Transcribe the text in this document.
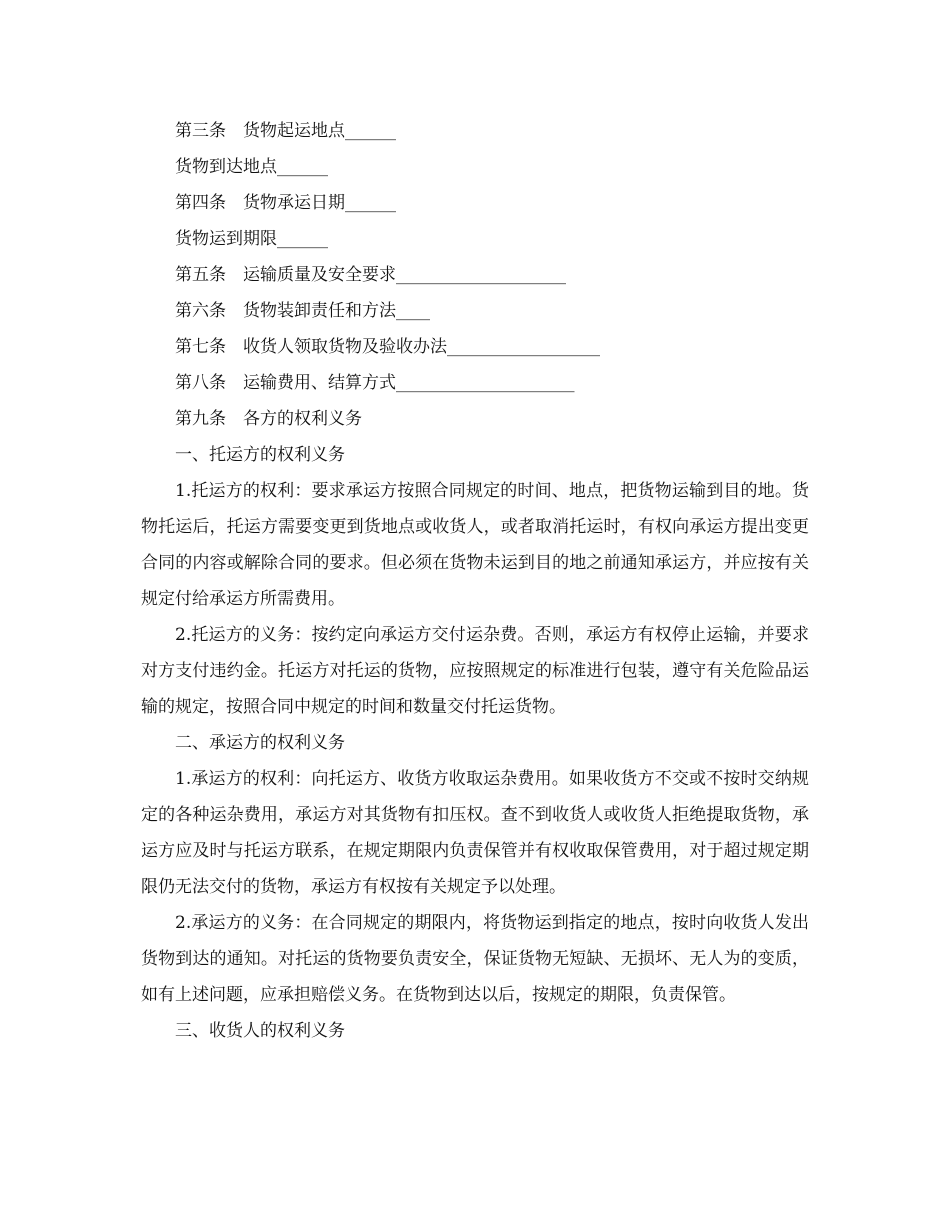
第三条　货物起运地点______

货物到达地点______

第四条　货物承运日期______

货物运到期限______

第五条　运输质量及安全要求____________________

第六条　货物装卸责任和方法____

第七条　收货人领取货物及验收办法__________________

第八条　运输费用、结算方式_____________________

第九条　各方的权利义务

一、托运方的权利义务

1.托运方的权利：要求承运方按照合同规定的时间、地点，把货物运输到目的地。货物托运后，托运方需要变更到货地点或收货人，或者取消托运时，有权向承运方提出变更合同的内容或解除合同的要求。但必须在货物未运到目的地之前通知承运方，并应按有关规定付给承运方所需费用。

2.托运方的义务：按约定向承运方交付运杂费。否则，承运方有权停止运输，并要求对方支付违约金。托运方对托运的货物，应按照规定的标准进行包装，遵守有关危险品运输的规定，按照合同中规定的时间和数量交付托运货物。

二、承运方的权利义务

1.承运方的权利：向托运方、收货方收取运杂费用。如果收货方不交或不按时交纳规定的各种运杂费用，承运方对其货物有扣压权。查不到收货人或收货人拒绝提取货物，承运方应及时与托运方联系，在规定期限内负责保管并有权收取保管费用，对于超过规定期限仍无法交付的货物，承运方有权按有关规定予以处理。

2.承运方的义务：在合同规定的期限内，将货物运到指定的地点，按时向收货人发出货物到达的通知。对托运的货物要负责安全，保证货物无短缺、无损坏、无人为的变质，如有上述问题，应承担赔偿义务。在货物到达以后，按规定的期限，负责保管。

三、收货人的权利义务
